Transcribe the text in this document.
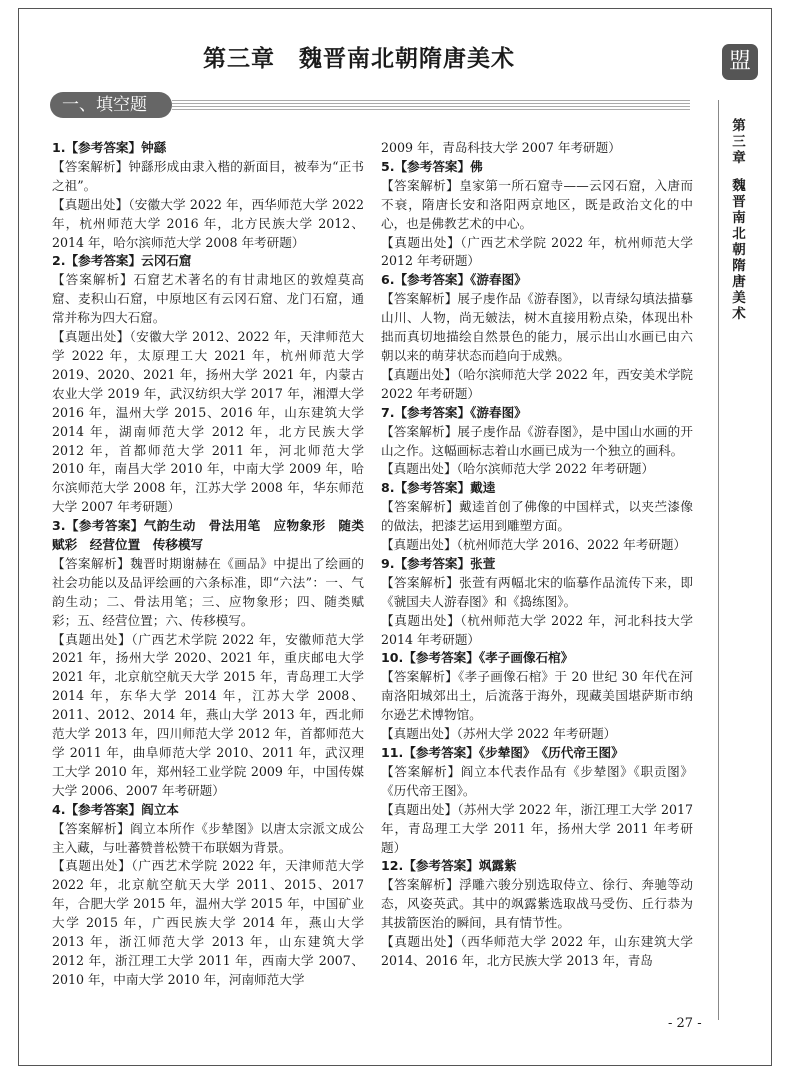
第三章　魏晋南北朝隋唐美术	盟
第
三
章
魏
晋
南
北
朝
隋
唐
美
术
一、填空题

1.【参考答案】钟繇

【答案解析】钟繇形成由隶入楷的新面目，被奉为“正书之祖”。

【真题出处】（安徽大学 2022 年，西华师范大学 2022 年，杭州师范大学 2016 年，北方民族大学 2012、2014 年，哈尔滨师范大学 2008 年考研题）

2.【参考答案】云冈石窟

【答案解析】石窟艺术著名的有甘肃地区的敦煌莫高窟、麦积山石窟，中原地区有云冈石窟、龙门石窟，通常并称为四大石窟。

【真题出处】（安徽大学 2012、2022 年，天津师范大学 2022 年，太原理工大 2021 年，杭州师范大学 2019、2020、2021 年，扬州大学 2021 年，内蒙古农业大学 2019 年，武汉纺织大学 2017 年，湘潭大学 2016 年，温州大学 2015、2016 年，山东建筑大学 2014 年，湖南师范大学 2012 年，北方民族大学 2012 年，首都师范大学 2011 年，河北师范大学 2010 年，南昌大学 2010 年，中南大学 2009 年，哈尔滨师范大学 2008 年，江苏大学 2008 年，华东师范大学 2007 年考研题）

3.【参考答案】气韵生动　骨法用笔　应物象形　随类赋彩　经营位置　传移模写

【答案解析】魏晋时期谢赫在《画品》中提出了绘画的社会功能以及品评绘画的六条标准，即“六法”：一、气韵生动；二、骨法用笔；三、应物象形；四、随类赋彩；五、经营位置；六、传移模写。

【真题出处】（广西艺术学院 2022 年，安徽师范大学 2021 年，扬州大学 2020、2021 年，重庆邮电大学 2021 年，北京航空航天大学 2015 年，青岛理工大学 2014 年，东华大学 2014 年，江苏大学 2008、2011、2012、2014 年，燕山大学 2013 年，西北师范大学 2013 年，四川师范大学 2012 年，首都师范大学 2011 年，曲阜师范大学 2010、2011 年，武汉理工大学 2010 年，郑州轻工业学院 2009 年，中国传媒大学 2006、2007 年考研题）

4.【参考答案】阎立本

【答案解析】阎立本所作《步辇图》以唐太宗派文成公主入藏，与吐蕃赞普松赞干布联姻为背景。

【真题出处】（广西艺术学院 2022 年，天津师范大学 2022 年，北京航空航天大学 2011、2015、2017 年，合肥大学 2015 年，温州大学 2015 年，中国矿业大学 2015 年，广西民族大学 2014 年，燕山大学 2013 年，浙江师范大学 2013 年，山东建筑大学 2012 年，浙江理工大学 2011 年，西南大学 2007、2010 年，中南大学 2010 年，河南师范大学

2009 年，青岛科技大学 2007 年考研题）

5.【参考答案】佛

【答案解析】皇家第一所石窟寺——云冈石窟，入唐而不衰，隋唐长安和洛阳两京地区，既是政治文化的中心，也是佛教艺术的中心。

【真题出处】（广西艺术学院 2022 年，杭州师范大学 2012 年考研题）

6.【参考答案】《游春图》

【答案解析】展子虔作品《游春图》，以青绿勾填法描摹山川、人物，尚无皴法，树木直接用粉点染，体现出朴拙而真切地描绘自然景色的能力，展示出山水画已由六朝以来的萌芽状态而趋向于成熟。

【真题出处】（哈尔滨师范大学 2022 年，西安美术学院 2022 年考研题）

7.【参考答案】《游春图》

【答案解析】展子虔作品《游春图》，是中国山水画的开山之作。这幅画标志着山水画已成为一个独立的画科。

【真题出处】（哈尔滨师范大学 2022 年考研题）

8.【参考答案】戴逵

【答案解析】戴逵首创了佛像的中国样式，以夹苎漆像的做法，把漆艺运用到雕塑方面。

【真题出处】（杭州师范大学 2016、2022 年考研题）

9.【参考答案】张萱

【答案解析】张萱有两幅北宋的临摹作品流传下来，即《虢国夫人游春图》和《捣练图》。

【真题出处】（杭州师范大学 2022 年，河北科技大学 2014 年考研题）

10.【参考答案】《孝子画像石棺》

【答案解析】《孝子画像石棺》于 20 世纪 30 年代在河南洛阳城郊出土，后流落于海外，现藏美国堪萨斯市纳尔逊艺术博物馆。

【真题出处】（苏州大学 2022 年考研题）

11.【参考答案】《步辇图》　《历代帝王图》

【答案解析】阎立本代表作品有《步辇图》《职贡图》《历代帝王图》。

【真题出处】（苏州大学 2022 年，浙江理工大学 2017 年，青岛理工大学 2011 年，扬州大学 2011 年考研题）

12.【参考答案】飒露紫

【答案解析】浮雕六骏分别选取侍立、徐行、奔驰等动态，风姿英武。其中的飒露紫选取战马受伤、丘行恭为其拔箭医治的瞬间，具有情节性。

【真题出处】（西华师范大学 2022 年，山东建筑大学 2014、2016 年，北方民族大学 2013 年，青岛

- 27 -
